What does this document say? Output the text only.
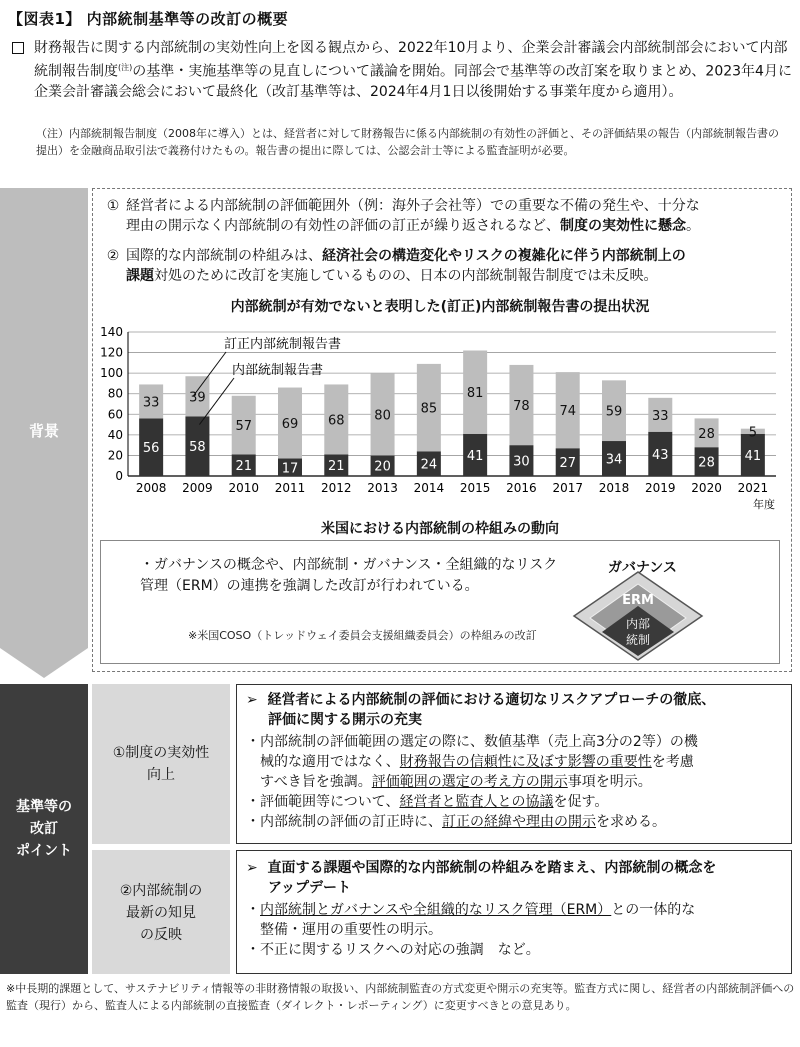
【図表1】 内部統制基準等の改訂の概要
財務報告に関する内部統制の実効性向上を図る観点から、2022年10月より、企業会計審議会内部統制部会において内部統制報告制度$^{(注)}$の基準・実施基準等の見直しについて議論を開始。同部会で基準等の改訂案を取りまとめ、2023年4月に企業会計審議会総会において最終化（改訂基準等は、2024年4月1日以後開始する事業年度から適用）。
（注）内部統制報告制度（2008年に導入）とは、経営者に対して財務報告に係る内部統制の有効性の評価と、その評価結果の報告（内部統制報告書の提出）を金融商品取引法で義務付けたもの。報告書の提出に際しては、公認会計士等による監査証明が必要。
背景
① 経営者による内部統制の評価範囲外（例：海外子会社等）での重要な不備の発生や、十分な
理由の開示なく内部統制の有効性の評価の訂正が繰り返されるなど、制度の実効性に懸念。
② 国際的な内部統制の枠組みは、経済社会の構造変化やリスクの複雑化に伴う内部統制上の
課題対処のために改訂を実施しているものの、日本の内部統制報告制度では未反映。
内部統制が有効でないと表明した(訂正)内部統制報告書の提出状況
0
20
40
60
80
100
120
140
56
33
2008
58
39
2009
21
57
2010
17
69
2011
21
68
2012
20
80
2013
24
85
2014
41
81
2015
30
78
2016
27
74
2017
34
59
2018
43
33
2019
28
28
2020
41
5
2021
年度
訂正内部統制報告書
内部統制報告書
米国における内部統制の枠組みの動向
・ガバナンスの概念や、内部統制・ガバナンス・全組織的なリスク管理（ERM）の連携を強調した改訂が行われている。
※米国COSO（トレッドウェイ委員会支援組織委員会）の枠組みの改訂
ガバナンス
ERM
内部
統制
基準等の
改訂
ポイント
①制度の実効性
向上
➢  経営者による内部統制の評価における適切なリスクアプローチの徹底、
評価に関する開示の充実
・内部統制の評価範囲の選定の際に、数値基準（売上高3分の2等）の機
械的な適用ではなく、財務報告の信頼性に及ぼす影響の重要性を考慮
すべき旨を強調。評価範囲の選定の考え方の開示事項を明示。
・評価範囲等について、経営者と監査人との協議を促す。
・内部統制の評価の訂正時に、訂正の経緯や理由の開示を求める。
②内部統制の
最新の知見
の反映
➢  直面する課題や国際的な内部統制の枠組みを踏まえ、内部統制の概念を
アップデート
・内部統制とガバナンスや全組織的なリスク管理（ERM）との一体的な
整備・運用の重要性の明示。
・不正に関するリスクへの対応の強調　など。
※中長期的課題として、サステナビリティ情報等の非財務情報の取扱い、内部統制監査の方式変更や開示の充実等。監査方式に関し、経営者の内部統制評価への監査（現行）から、監査人による内部統制の直接監査（ダイレクト・レポーティング）に変更すべきとの意見あり。
